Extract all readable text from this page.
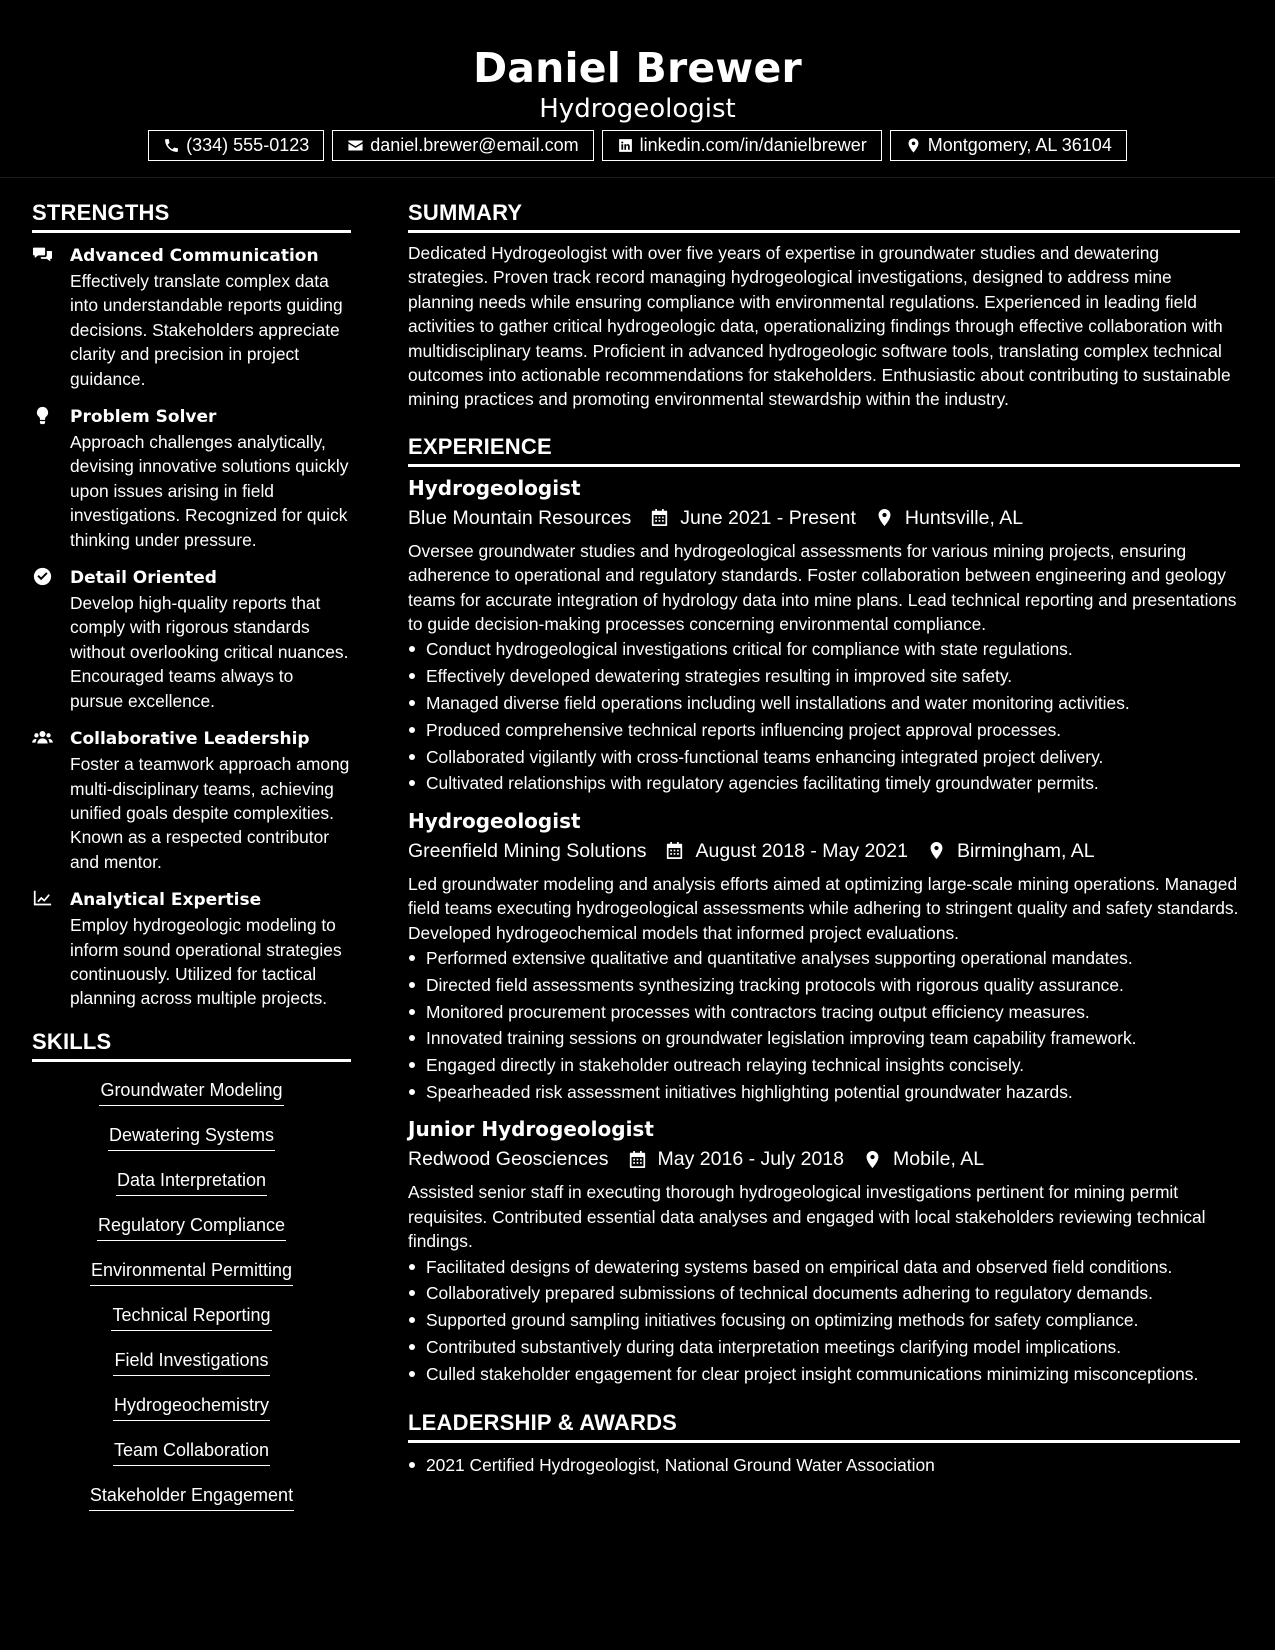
Daniel Brewer
Hydrogeologist
(334) 555-0123	daniel.brewer@email.com	linkedin.com/in/danielbrewer	Montgomery, AL 36104
STRENGTHS
Advanced Communication
Effectively translate complex data into understandable reports guiding decisions. Stakeholders appreciate clarity and precision in project guidance.
Problem Solver
Approach challenges analytically, devising innovative solutions quickly upon issues arising in field investigations. Recognized for quick thinking under pressure.
Detail Oriented
Develop high-quality reports that comply with rigorous standards without overlooking critical nuances. Encouraged teams always to pursue excellence.
Collaborative Leadership
Foster a teamwork approach among multi-disciplinary teams, achieving unified goals despite complexities. Known as a respected contributor and mentor.
Analytical Expertise
Employ hydrogeologic modeling to inform sound operational strategies continuously. Utilized for tactical planning across multiple projects.
SKILLS
Groundwater Modeling
Dewatering Systems
Data Interpretation
Regulatory Compliance
Environmental Permitting
Technical Reporting
Field Investigations
Hydrogeochemistry
Team Collaboration
Stakeholder Engagement
SUMMARY
Dedicated Hydrogeologist with over five years of expertise in groundwater studies and dewatering strategies. Proven track record managing hydrogeological investigations, designed to address mine planning needs while ensuring compliance with environmental regulations. Experienced in leading field activities to gather critical hydrogeologic data, operationalizing findings through effective collaboration with multidisciplinary teams. Proficient in advanced hydrogeologic software tools, translating complex technical outcomes into actionable recommendations for stakeholders. Enthusiastic about contributing to sustainable mining practices and promoting environmental stewardship within the industry.
EXPERIENCE
Hydrogeologist
Blue Mountain Resources	June 2021 - Present	Huntsville, AL
Oversee groundwater studies and hydrogeological assessments for various mining projects, ensuring adherence to operational and regulatory standards. Foster collaboration between engineering and geology teams for accurate integration of hydrology data into mine plans. Lead technical reporting and presentations to guide decision-making processes concerning environmental compliance.
Conduct hydrogeological investigations critical for compliance with state regulations.
Effectively developed dewatering strategies resulting in improved site safety.
Managed diverse field operations including well installations and water monitoring activities.
Produced comprehensive technical reports influencing project approval processes.
Collaborated vigilantly with cross-functional teams enhancing integrated project delivery.
Cultivated relationships with regulatory agencies facilitating timely groundwater permits.
Hydrogeologist
Greenfield Mining Solutions	August 2018 - May 2021	Birmingham, AL
Led groundwater modeling and analysis efforts aimed at optimizing large-scale mining operations. Managed field teams executing hydrogeological assessments while adhering to stringent quality and safety standards. Developed hydrogeochemical models that informed project evaluations.
Performed extensive qualitative and quantitative analyses supporting operational mandates.
Directed field assessments synthesizing tracking protocols with rigorous quality assurance.
Monitored procurement processes with contractors tracing output efficiency measures.
Innovated training sessions on groundwater legislation improving team capability framework.
Engaged directly in stakeholder outreach relaying technical insights concisely.
Spearheaded risk assessment initiatives highlighting potential groundwater hazards.
Junior Hydrogeologist
Redwood Geosciences	May 2016 - July 2018	Mobile, AL
Assisted senior staff in executing thorough hydrogeological investigations pertinent for mining permit requisites. Contributed essential data analyses and engaged with local stakeholders reviewing technical findings.
Facilitated designs of dewatering systems based on empirical data and observed field conditions.
Collaboratively prepared submissions of technical documents adhering to regulatory demands.
Supported ground sampling initiatives focusing on optimizing methods for safety compliance.
Contributed substantively during data interpretation meetings clarifying model implications.
Culled stakeholder engagement for clear project insight communications minimizing misconceptions.
LEADERSHIP & AWARDS
2021 Certified Hydrogeologist, National Ground Water Association
